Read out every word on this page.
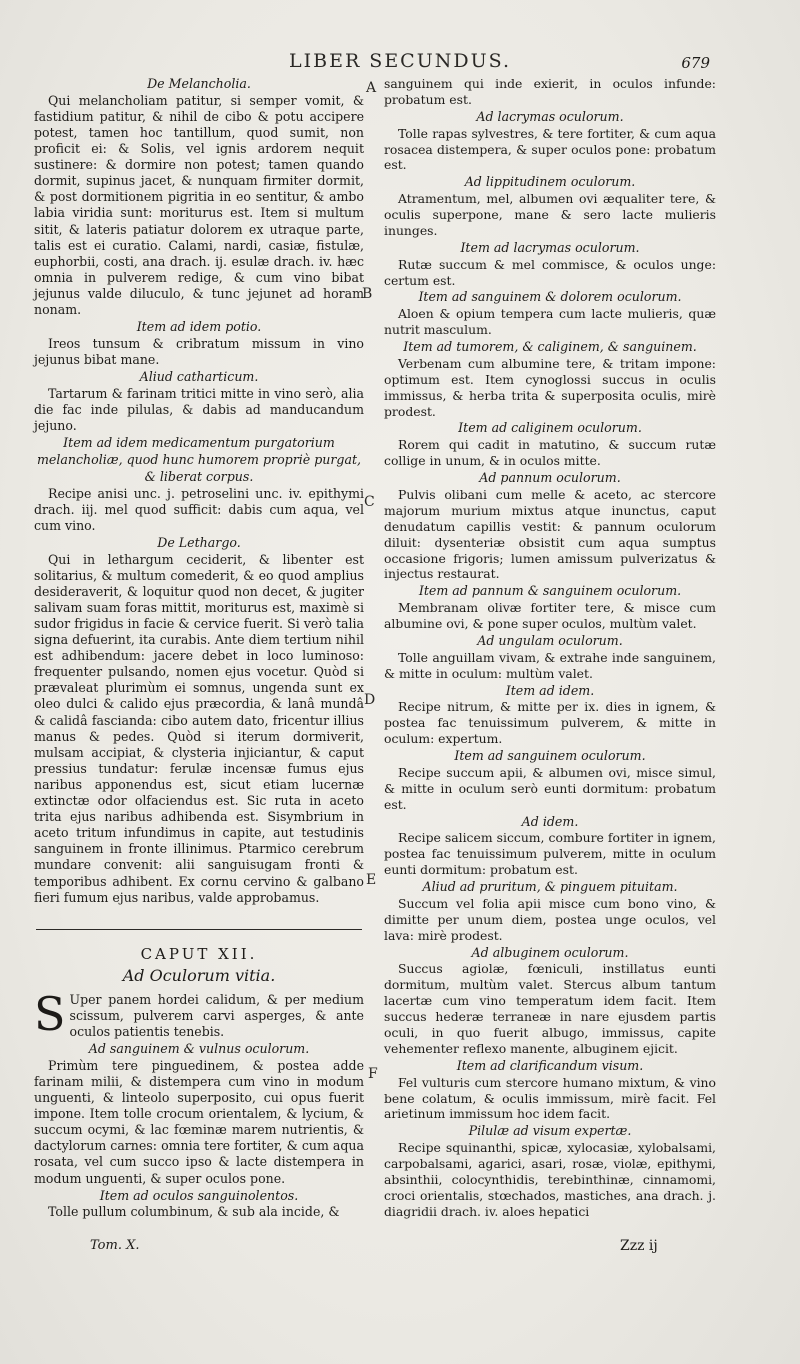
LIBER SECUNDUS.	679
A
B
C
D
E
F

De Melancholia.

Qui melancholiam patitur, si semper vomit, & fastidium patitur, & nihil de cibo & potu accipere potest, tamen hoc tantillum, quod sumit, non proficit ei: & Solis, vel ignis ardorem nequit sustinere: & dormire non potest; tamen quando dormit, supinus jacet, & nunquam firmiter dormit, & post dormitionem pigritia in eo sentitur, & ambo labia viridia sunt: moriturus est. Item si multum sitit, & lateris patiatur dolorem ex utraque parte, talis est ei curatio. Calami, nardi, casiæ, fistulæ, euphorbii, costi, ana drach. ij. esulæ drach. iv. hæc omnia in pulverem redige, & cum vino bibat jejunus valde diluculo, & tunc jejunet ad horam nonam.

Item ad idem potio.

Ireos tunsum & cribratum missum in vino jejunus bibat mane.

Aliud catharticum.

Tartarum & farinam tritici mitte in vino serò, alia die fac inde pilulas, & dabis ad manducandum jejuno.

Item ad idem medicamentum purgatorium melancholiæ, quod hunc humorem propriè purgat, & liberat corpus.

Recipe anisi unc. j. petroselini unc. iv. epithymi drach. iij. mel quod sufficit: dabis cum aqua, vel cum vino.

De Lethargo.

Qui in lethargum ceciderit, & libenter est solitarius, & multum comederit, & eo quod amplius desideraverit, & loquitur quod non decet, & jugiter salivam suam foras mittit, moriturus est, maximè si sudor frigidus in facie & cervice fuerit. Si verò talia signa defuerint, ita curabis. Ante diem tertium nihil est adhibendum: jacere debet in loco luminoso: frequenter pulsando, nomen ejus vocetur. Quòd si prævaleat plurimùm ei somnus, ungenda sunt ex oleo dulci & calido ejus præcordia, & lanâ mundâ & calidâ fascianda: cibo autem dato, fricentur illius manus & pedes. Quòd si iterum dormiverit, mulsam accipiat, & clysteria injiciantur, & caput pressius tundatur: ferulæ incensæ fumus ejus naribus apponendus est, sicut etiam lucernæ extinctæ odor olfaciendus est. Sic ruta in aceto trita ejus naribus adhibenda est. Sisymbrium in aceto tritum infundimus in capite, aut testudinis sanguinem in fronte illinimus. Ptarmico cerebrum mundare convenit: alii sanguisugam fronti & temporibus adhibent. Ex cornu cervino & galbano fieri fumum ejus naribus, valde approbamus.

CAPUT XII.

Ad Oculorum vitia.

S Uper panem hordei calidum, & per medium scissum, pulverem carvi asperges, & ante oculos patientis tenebis.

Ad sanguinem & vulnus oculorum.

Primùm tere pinguedinem, & postea adde farinam milii, & distempera cum vino in modum unguenti, & linteolo superposito, cui opus fuerit impone. Item tolle crocum orientalem, & lycium, & succum ocymi, & lac fœminæ marem nutrientis, & dactylorum carnes: omnia tere fortiter, & cum aqua rosata, vel cum succo ipso & lacte distempera in modum unguenti, & super oculos pone.

Item ad oculos sanguinolentos.

Tolle pullum columbinum, & sub ala incide, &

sanguinem qui inde exierit, in oculos infunde: probatum est.

Ad lacrymas oculorum.

Tolle rapas sylvestres, & tere fortiter, & cum aqua rosacea distempera, & super oculos pone: probatum est.

Ad lippitudinem oculorum.

Atramentum, mel, albumen ovi æqualiter tere, & oculis superpone, mane & sero lacte mulieris inunges.

Item ad lacrymas oculorum.

Rutæ succum & mel commisce, & oculos unge: certum est.

Item ad sanguinem & dolorem oculorum.

Aloen & opium tempera cum lacte mulieris, quæ nutrit masculum.

Item ad tumorem, & caliginem, & sanguinem.

Verbenam cum albumine tere, & tritam impone: optimum est. Item cynoglossi succus in oculis immissus, & herba trita & superposita oculis, mirè prodest.

Item ad caliginem oculorum.

Rorem qui cadit in matutino, & succum rutæ collige in unum, & in oculos mitte.

Ad pannum oculorum.

Pulvis olibani cum melle & aceto, ac stercore majorum murium mixtus atque inunctus, caput denudatum capillis vestit: & pannum oculorum diluit: dysenteriæ obsistit cum aqua sumptus occasione frigoris; lumen amissum pulverizatus & injectus restaurat.

Item ad pannum & sanguinem oculorum.

Membranam olivæ fortiter tere, & misce cum albumine ovi, & pone super oculos, multùm valet.

Ad ungulam oculorum.

Tolle anguillam vivam, & extrahe inde sanguinem, & mitte in oculum: multùm valet.

Item ad idem.

Recipe nitrum, & mitte per ix. dies in ignem, & postea fac tenuissimum pulverem, & mitte in oculum: expertum.

Item ad sanguinem oculorum.

Recipe succum apii, & albumen ovi, misce simul, & mitte in oculum serò eunti dormitum: probatum est.

Ad idem.

Recipe salicem siccum, combure fortiter in ignem, postea fac tenuissimum pulverem, mitte in oculum eunti dormitum: probatum est.

Aliud ad pruritum, & pinguem pituitam.

Succum vel folia apii misce cum bono vino, & dimitte per unum diem, postea unge oculos, vel lava: mirè prodest.

Ad albuginem oculorum.

Succus agiolæ, fœniculi, instillatus eunti dormitum, multùm valet. Stercus album tantum lacertæ cum vino temperatum idem facit. Item succus hederæ terraneæ in nare ejusdem partis oculi, in quo fuerit albugo, immissus, capite vehementer reflexo manente, albuginem ejicit.

Item ad clarificandum visum.

Fel vulturis cum stercore humano mixtum, & vino bene colatum, & oculis immissum, mirè facit. Fel arietinum immissum hoc idem facit.

Pilulæ ad visum expertæ.

Recipe squinanthi, spicæ, xylocasiæ, xylobalsami, carpobalsami, agarici, asari, rosæ, violæ, epithymi, absinthii, colocynthidis, terebinthinæ, cinnamomi, croci orientalis, stœchados, mastiches, ana drach. j. diagridii drach. iv. aloes hepatici

Tom. X.	Zzz ij
